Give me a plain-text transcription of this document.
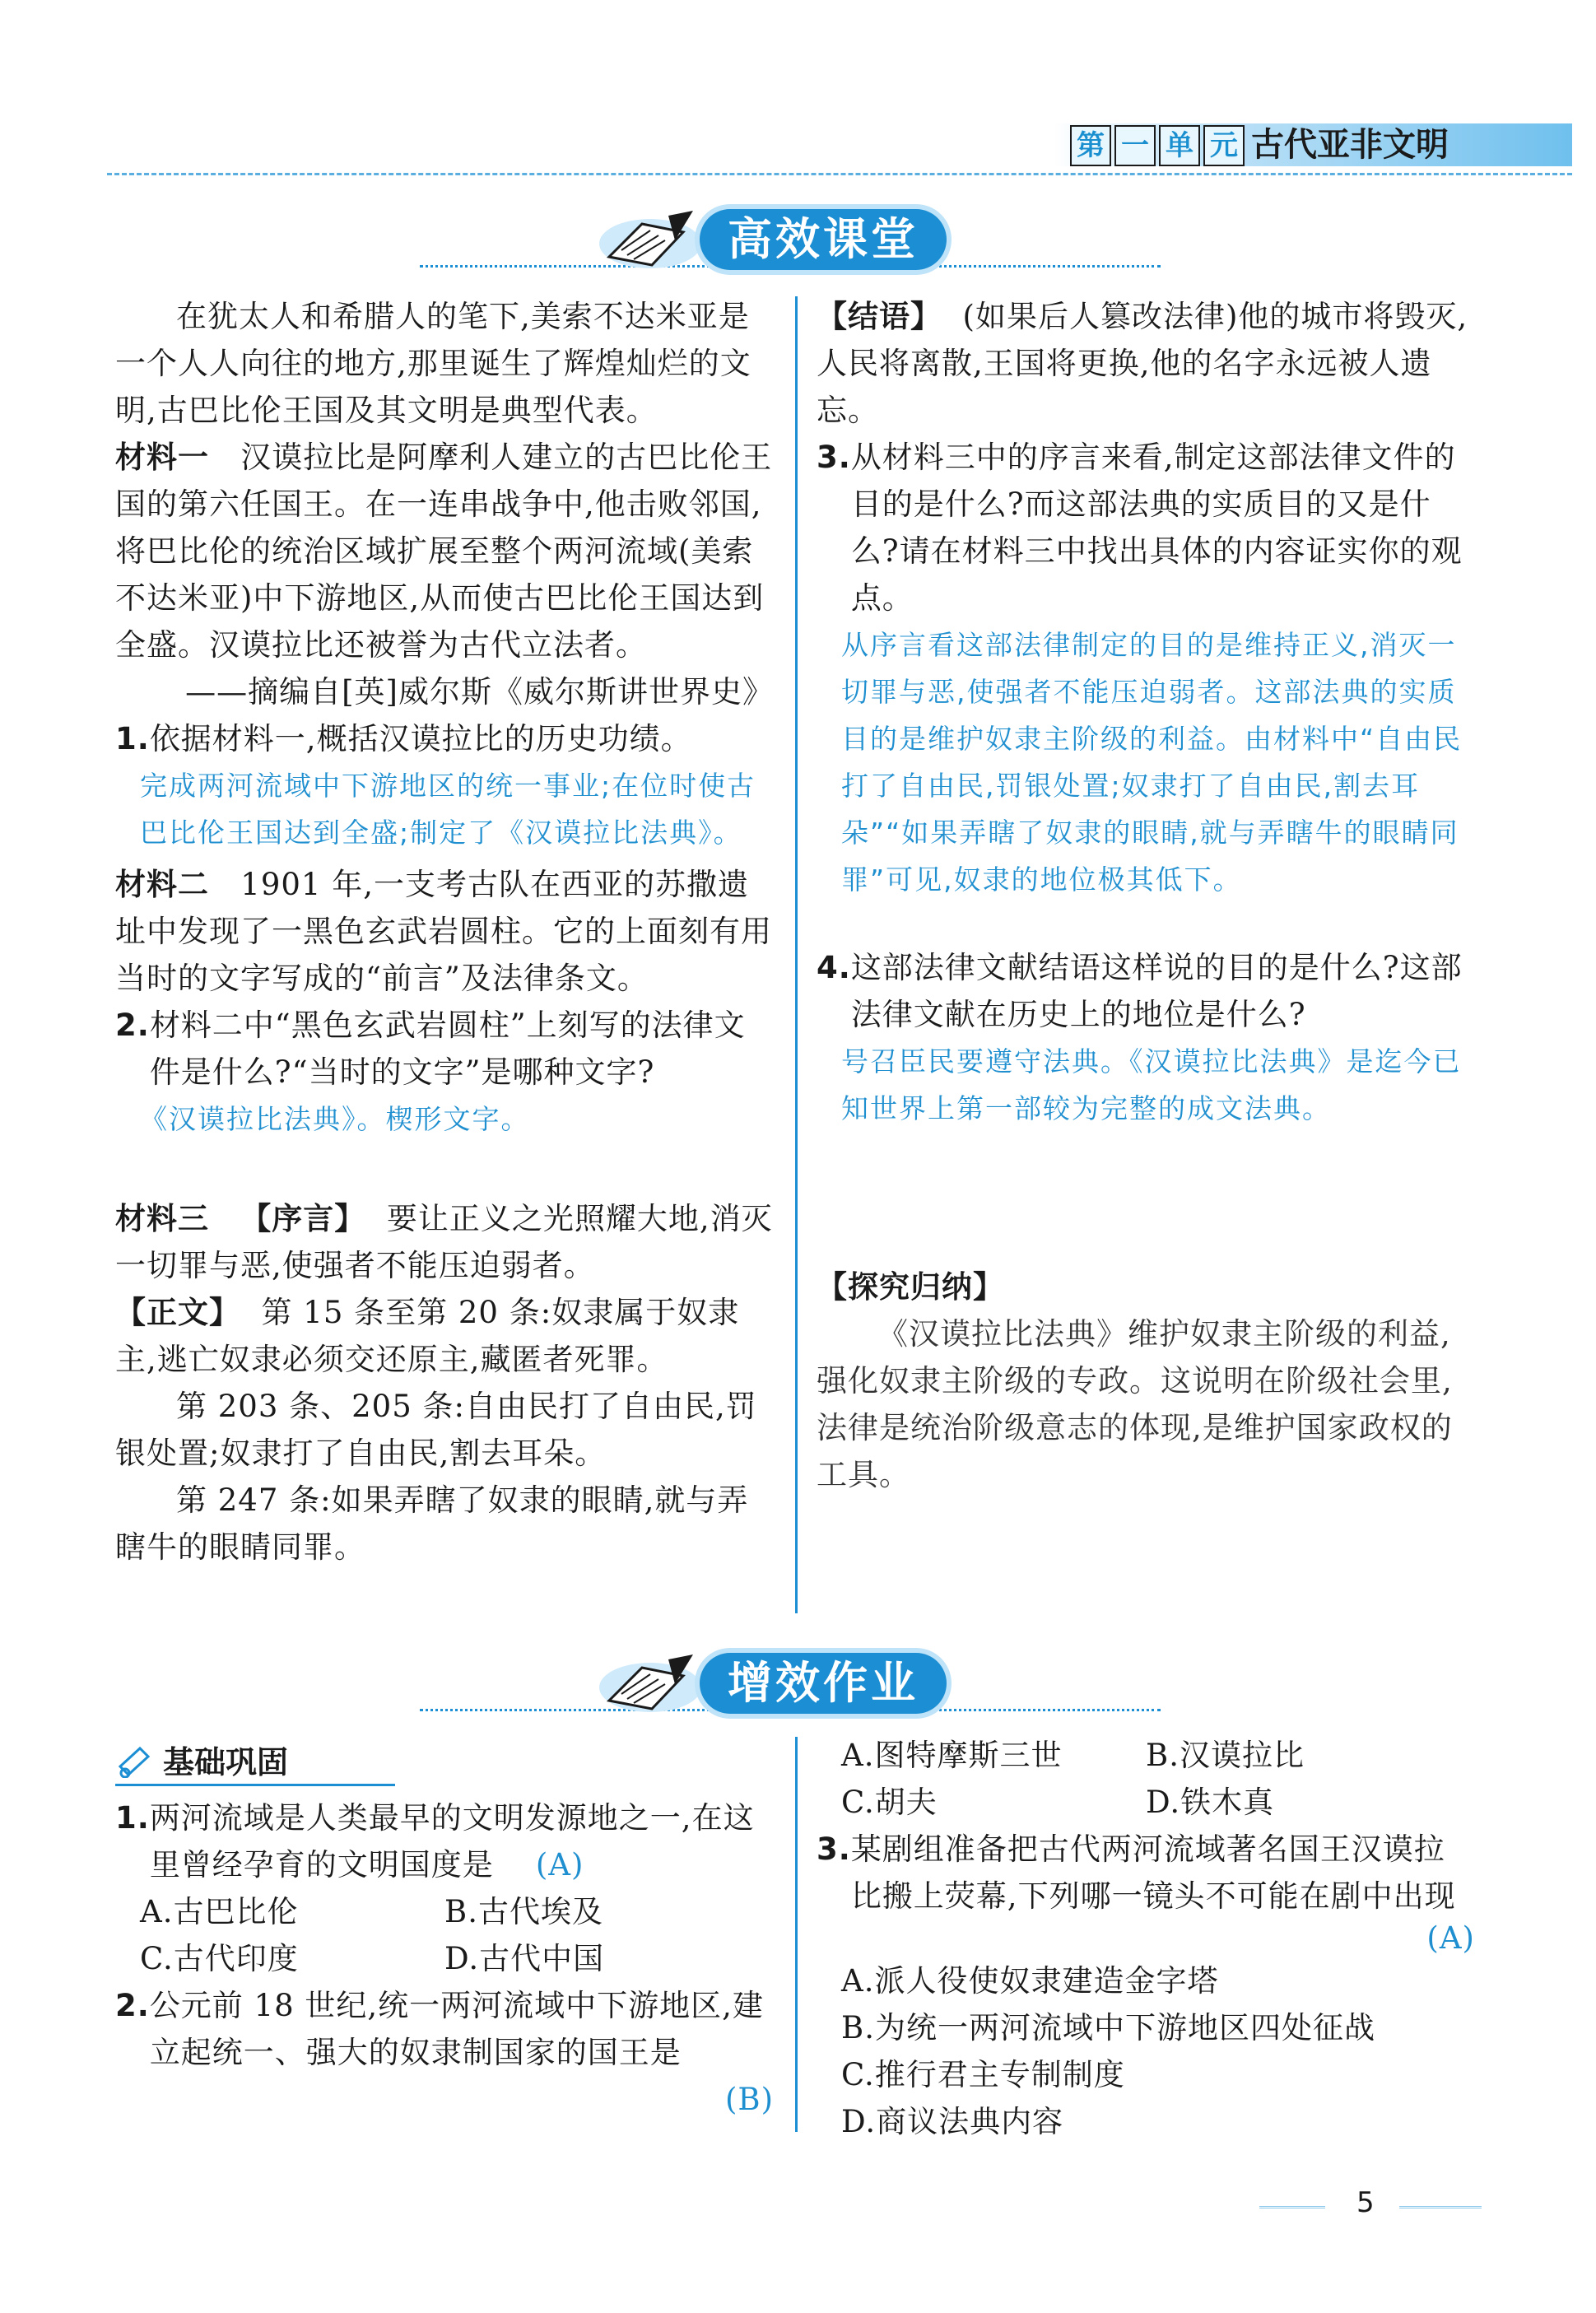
第 一 单 元 古代亚非文明
高效课堂
在犹太人和希腊人的笔下,美索不达米亚是一个人人向往的地方,那里诞生了辉煌灿烂的文明,古巴比伦王国及其文明是典型代表。
材料一 汉谟拉比是阿摩利人建立的古巴比伦王国的第六任国王。在一连串战争中,他击败邻国,将巴比伦的统治区域扩展至整个两河流域(美索不达米亚)中下游地区,从而使古巴比伦王国达到全盛。汉谟拉比还被誉为古代立法者。
——摘编自[英]威尔斯《威尔斯讲世界史》
1. 依据材料一,概括汉谟拉比的历史功绩。
完成两河流域中下游地区的统一事业;在位时使古巴比伦王国达到全盛;制定了《汉谟拉比法典》。
材料二 1901 年,一支考古队在西亚的苏撒遗址中发现了一黑色玄武岩圆柱。它的上面刻有用当时的文字写成的“前言”及法律条文。
2. 材料二中“黑色玄武岩圆柱”上刻写的法律文件是什么?“当时的文字”是哪种文字?
《汉谟拉比法典》。楔形文字。
材料三 【序言】 要让正义之光照耀大地,消灭一切罪与恶,使强者不能压迫弱者。
【正文】 第 15 条至第 20 条:奴隶属于奴隶主,逃亡奴隶必须交还原主,藏匿者死罪。
第 203 条、205 条:自由民打了自由民,罚银处置;奴隶打了自由民,割去耳朵。
第 247 条:如果弄瞎了奴隶的眼睛,就与弄瞎牛的眼睛同罪。
【结语】 (如果后人篡改法律)他的城市将毁灭,人民将离散,王国将更换,他的名字永远被人遗忘。
3. 从材料三中的序言来看,制定这部法律文件的目的是什么?而这部法典的实质目的又是什么?请在材料三中找出具体的内容证实你的观点。
从序言看这部法律制定的目的是维持正义,消灭一切罪与恶,使强者不能压迫弱者。这部法典的实质目的是维护奴隶主阶级的利益。由材料中“自由民打了自由民,罚银处置;奴隶打了自由民,割去耳朵”“如果弄瞎了奴隶的眼睛,就与弄瞎牛的眼睛同罪”可见,奴隶的地位极其低下。
4. 这部法律文献结语这样说的目的是什么?这部法律文献在历史上的地位是什么?
号召臣民要遵守法典。《汉谟拉比法典》是迄今已知世界上第一部较为完整的成文法典。
【探究归纳】
《汉谟拉比法典》维护奴隶主阶级的利益,强化奴隶主阶级的专政。这说明在阶级社会里,法律是统治阶级意志的体现,是维护国家政权的工具。
增效作业
基础巩固
1. 两河流域是人类最早的文明发源地之一,在这里曾经孕育的文明国度是 (A)
A.古巴比伦	B.古代埃及
C.古代印度	D.古代中国
2. 公元前 18 世纪,统一两河流域中下游地区,建立起统一、强大的奴隶制国家的国王是
(B)
A.图特摩斯三世	B.汉谟拉比
C.胡夫	D.铁木真
3. 某剧组准备把古代两河流域著名国王汉谟拉比搬上荧幕,下列哪一镜头不可能在剧中出现
(A)
A.派人役使奴隶建造金字塔
B.为统一两河流域中下游地区四处征战
C.推行君主专制制度
D.商议法典内容
5
